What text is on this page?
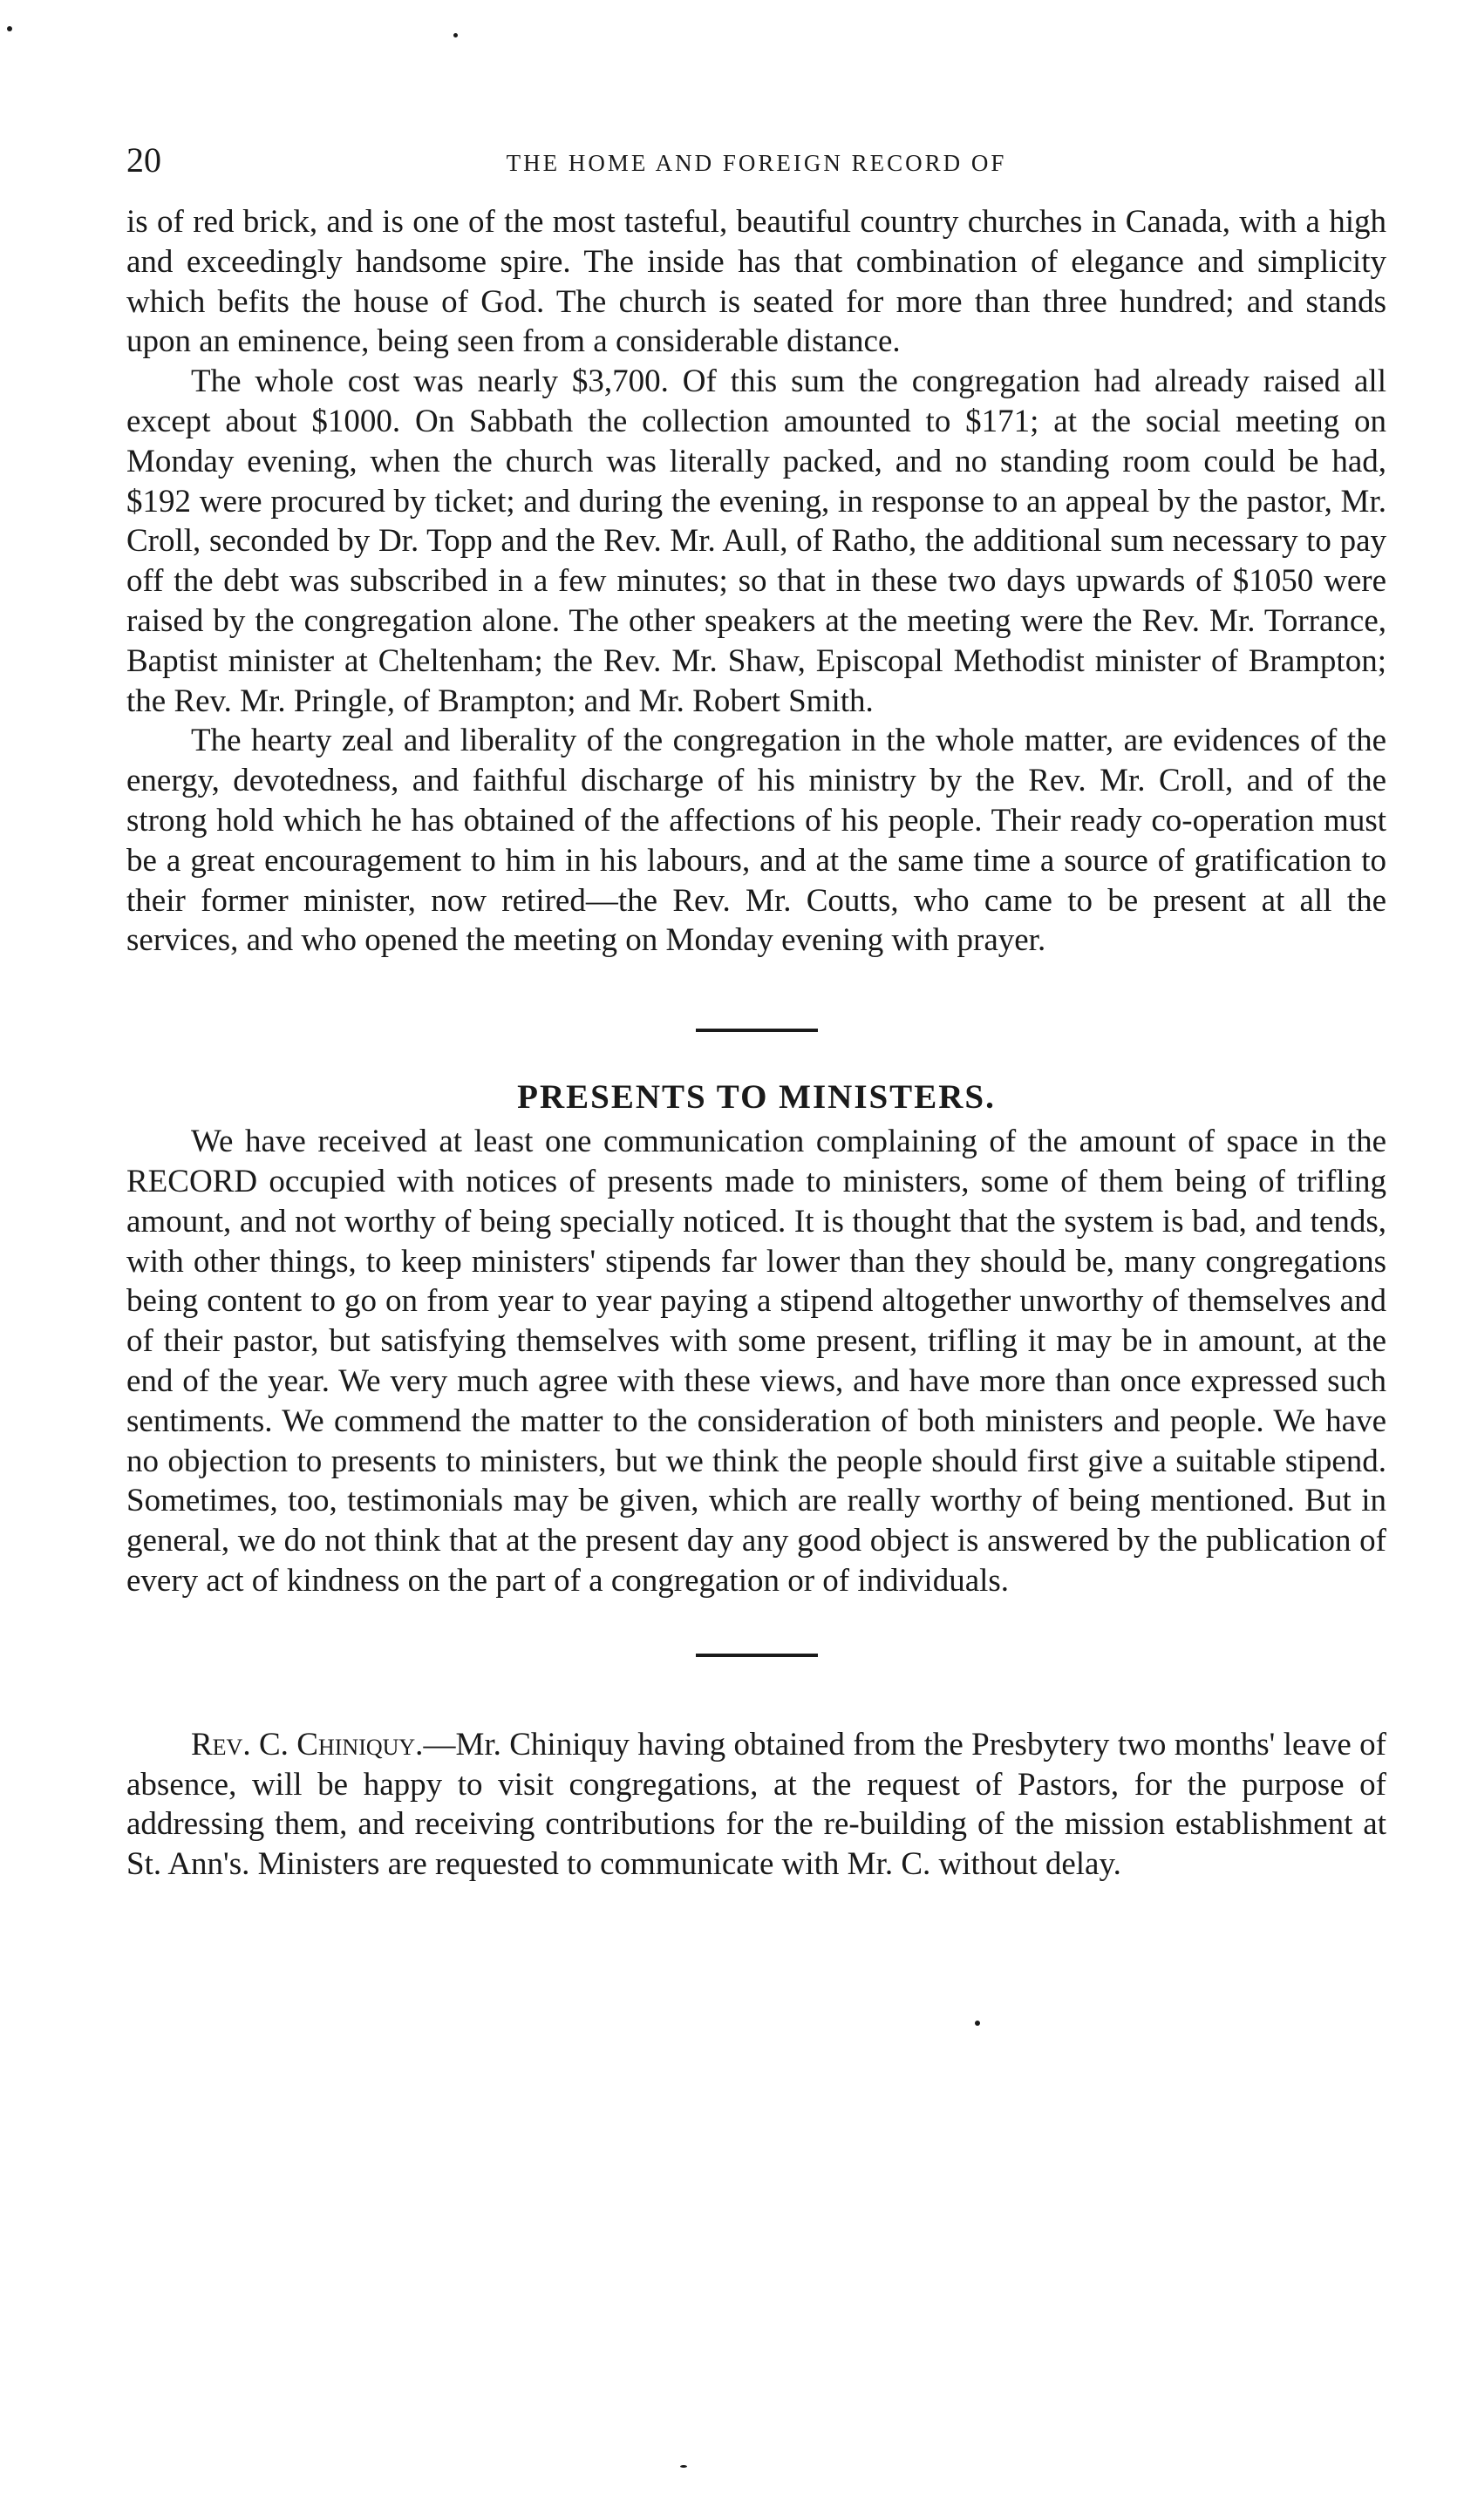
20	THE HOME AND FOREIGN RECORD OF

is of red brick, and is one of the most tasteful, beautiful country churches in Canada, with a high and exceedingly handsome spire. The inside has that combination of elegance and simplicity which befits the house of God. The church is seated for more than three hundred; and stands upon an eminence, being seen from a considerable distance.

The whole cost was nearly $3,700. Of this sum the congregation had already raised all except about $1000. On Sabbath the collection amounted to $171; at the social meeting on Monday evening, when the church was literally packed, and no standing room could be had, $192 were procured by ticket; and during the evening, in response to an appeal by the pastor, Mr. Croll, seconded by Dr. Topp and the Rev. Mr. Aull, of Ratho, the additional sum necessary to pay off the debt was subscribed in a few minutes; so that in these two days upwards of $1050 were raised by the congregation alone. The other speakers at the meeting were the Rev. Mr. Torrance, Baptist minister at Cheltenham; the Rev. Mr. Shaw, Episcopal Methodist minister of Brampton; the Rev. Mr. Pringle, of Brampton; and Mr. Robert Smith.

The hearty zeal and liberality of the congregation in the whole matter, are evidences of the energy, devotedness, and faithful discharge of his ministry by the Rev. Mr. Croll, and of the strong hold which he has obtained of the affections of his people. Their ready co-operation must be a great encouragement to him in his labours, and at the same time a source of gratification to their former minister, now retired—the Rev. Mr. Coutts, who came to be present at all the services, and who opened the meeting on Monday evening with prayer.

PRESENTS TO MINISTERS.

We have received at least one communication complaining of the amount of space in the RECORD occupied with notices of presents made to ministers, some of them being of trifling amount, and not worthy of being specially noticed. It is thought that the system is bad, and tends, with other things, to keep ministers' stipends far lower than they should be, many congregations being content to go on from year to year paying a stipend altogether unworthy of themselves and of their pastor, but satisfying themselves with some present, trifling it may be in amount, at the end of the year. We very much agree with these views, and have more than once expressed such sentiments. We commend the matter to the consideration of both ministers and people. We have no objection to presents to ministers, but we think the people should first give a suitable stipend. Sometimes, too, testimonials may be given, which are really worthy of being mentioned. But in general, we do not think that at the present day any good object is answered by the publication of every act of kindness on the part of a congregation or of individuals.

Rev. C. Chiniquy.—Mr. Chiniquy having obtained from the Presbytery two months' leave of absence, will be happy to visit congregations, at the request of Pastors, for the purpose of addressing them, and receiving contributions for the re-building of the mission establishment at St. Ann's. Ministers are requested to communicate with Mr. C. without delay.
